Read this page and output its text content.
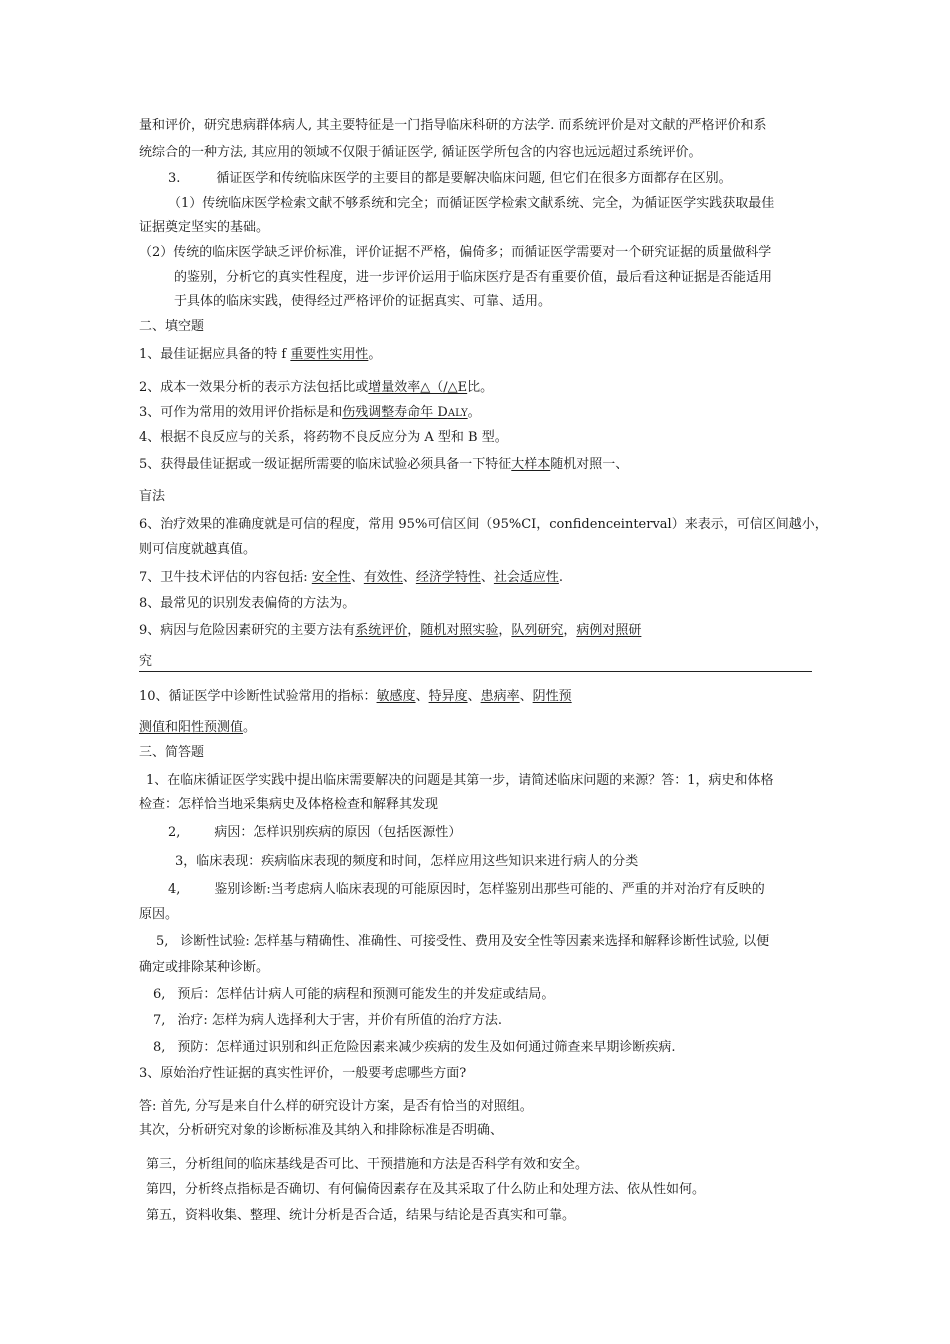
量和评价，研究患病群体病人, 其主要特征是一门指导临床科研的方法学. 而系统评价是对文献的严格评价和系
统综合的一种方法, 其应用的领域不仅限于循证医学, 循证医学所包含的内容也远远超过系统评价。
3.	循证医学和传统临床医学的主要目的都是要解决临床问题, 但它们在很多方面都存在区别。
（1）传统临床医学检索文献不够系统和完全；而循证医学检索文献系统、完全，为循证医学实践获取最佳
证据奠定坚实的基础。
（2）传统的临床医学缺乏评价标准，评价证据不严格，偏倚多；而循证医学需要对一个研究证据的质量做科学
的鉴别，分析它的真实性程度，进一步评价运用于临床医疗是否有重要价值，最后看这种证据是否能适用
于具体的临床实践，使得经过严格评价的证据真实、可靠、适用。
二、填空题
1、最佳证据应具备的特 f 重要性实用性。
2、成本一效果分析的表示方法包括比或增量效率△（/△E比。
3、可作为常用的效用评价指标是和伤残调整寿命年 DALY。
4、根据不良反应与的关系，将药物不良反应分为 A 型和 B 型。
5、获得最佳证据或一级证据所需要的临床试验必须具备一下特征大样本随机对照一、
盲法
6、治疗效果的准确度就是可信的程度，常用 95%可信区间（95%CI，confidenceinterval）来表示，可信区间越小，
则可信度就越真值。
7、卫牛技术评估的内容包括: 安全性、有效性、经济学特性、社会适应性.
8、最常见的识别发表偏倚的方法为。
9、病因与危险因素研究的主要方法有系统评价，随机对照实验，队列研究，病例对照研
究
10、循证医学中诊断性试验常用的指标：敏感度、特异度、患病率、阴性预
测值和阳性预测值。
三、简答题
1、在临床循证医学实践中提出临床需要解决的问题是其第一步，请简述临床问题的来源？答：1，病史和体格
检查：怎样恰当地采集病史及体格检查和解释其发现
2,	病因：怎样识别疾病的原因（包括医源性）
3，临床表现：疾病临床表现的频度和时间，怎样应用这些知识来进行病人的分类
4,	鉴别诊断:当考虑病人临床表现的可能原因时，怎样鉴别出那些可能的、严重的并对治疗有反映的
原因。
5, 诊断性试验: 怎样基与精确性、准确性、可接受性、费用及安全性等因素来选择和解释诊断性试验, 以便
确定或排除某种诊断。
6, 预后：怎样估计病人可能的病程和预测可能发生的并发症或结局。
7, 治疗: 怎样为病人选择利大于害，并价有所值的治疗方法.
8, 预防：怎样通过识别和纠正危险因素来减少疾病的发生及如何通过筛查来早期诊断疾病.
3、原始治疗性证据的真实性评价，一般要考虑哪些方面?
答: 首先, 分写是来自什么样的研究设计方案，是否有恰当的对照组。
其次，分析研究对象的诊断标准及其纳入和排除标准是否明确、
第三，分析组间的临床基线是否可比、干预措施和方法是否科学有效和安全。
第四，分析终点指标是否确切、有何偏倚因素存在及其采取了什么防止和处理方法、依从性如何。
第五，资料收集、整理、统计分析是否合适，结果与结论是否真实和可靠。
